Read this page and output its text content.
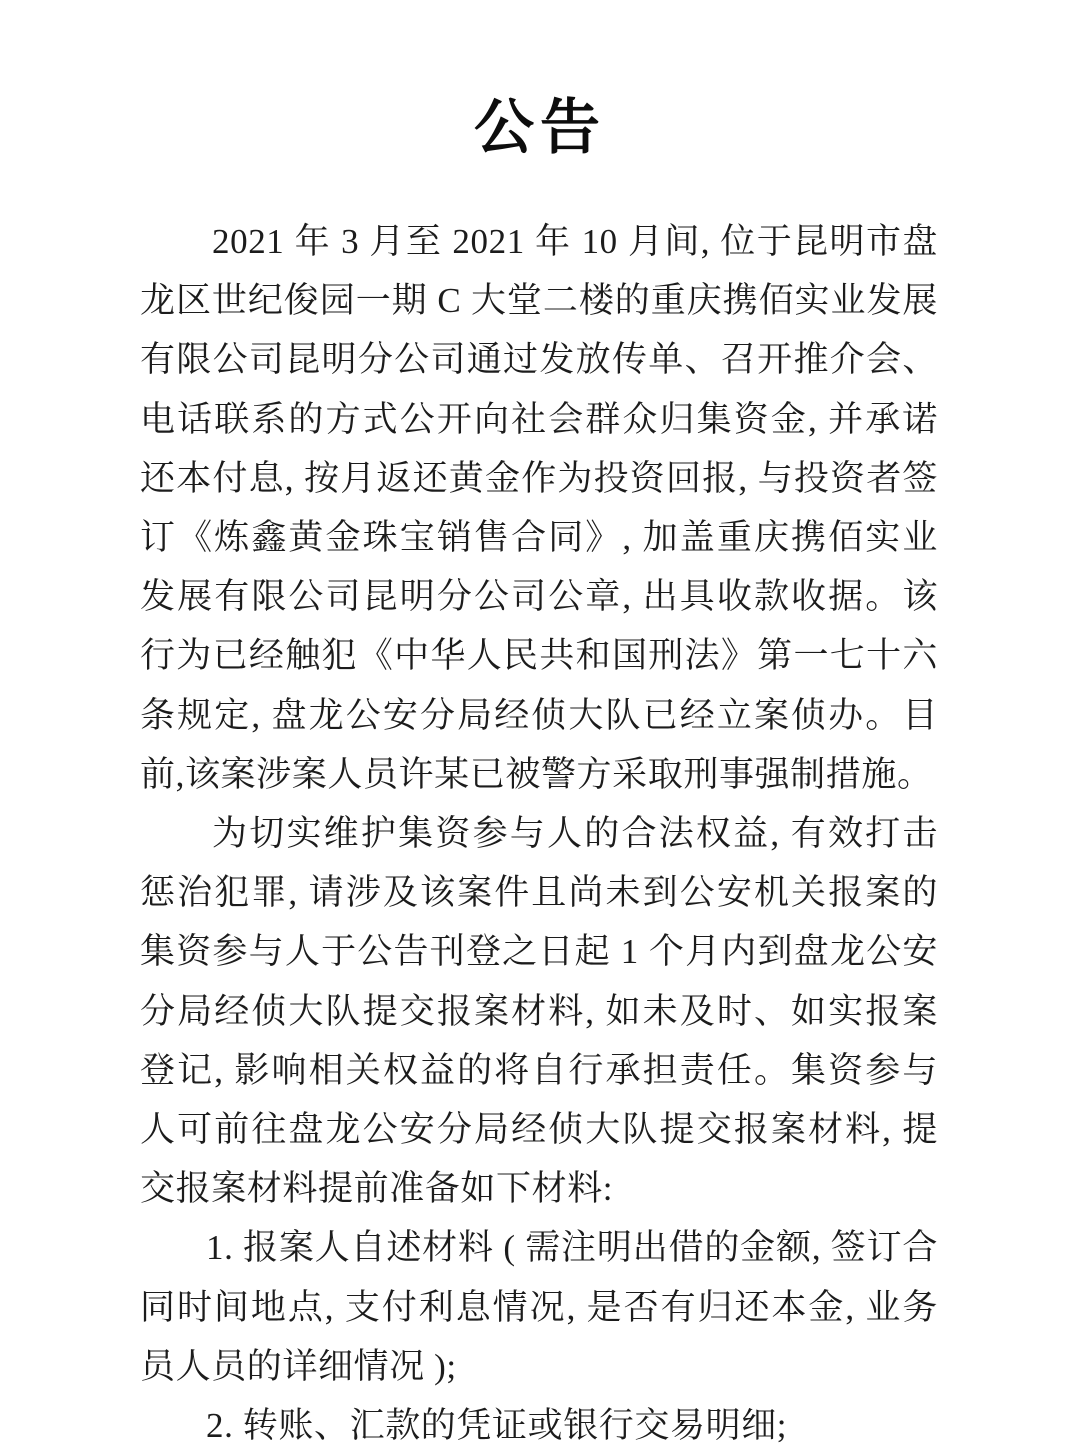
公告

2021 年 3 月至 2021 年 10 月间, 位于昆明市盘龙区世纪俊园一期 C 大堂二楼的重庆携佰实业发展有限公司昆明分公司通过发放传单、召开推介会、电话联系的方式公开向社会群众归集资金, 并承诺还本付息, 按月返还黄金作为投资回报, 与投资者签订《炼鑫黄金珠宝销售合同》, 加盖重庆携佰实业发展有限公司昆明分公司公章, 出具收款收据。该行为已经触犯《中华人民共和国刑法》第一七十六条规定, 盘龙公安分局经侦大队已经立案侦办。目前,该案涉案人员许某已被警方采取刑事强制措施。

为切实维护集资参与人的合法权益, 有效打击惩治犯罪, 请涉及该案件且尚未到公安机关报案的集资参与人于公告刊登之日起 1 个月内到盘龙公安分局经侦大队提交报案材料, 如未及时、如实报案登记, 影响相关权益的将自行承担责任。集资参与人可前往盘龙公安分局经侦大队提交报案材料, 提交报案材料提前准备如下材料:

1. 报案人自述材料 ( 需注明出借的金额, 签订合同时间地点, 支付利息情况, 是否有归还本金, 业务员人员的详细情况 );

2. 转账、汇款的凭证或银行交易明细;
